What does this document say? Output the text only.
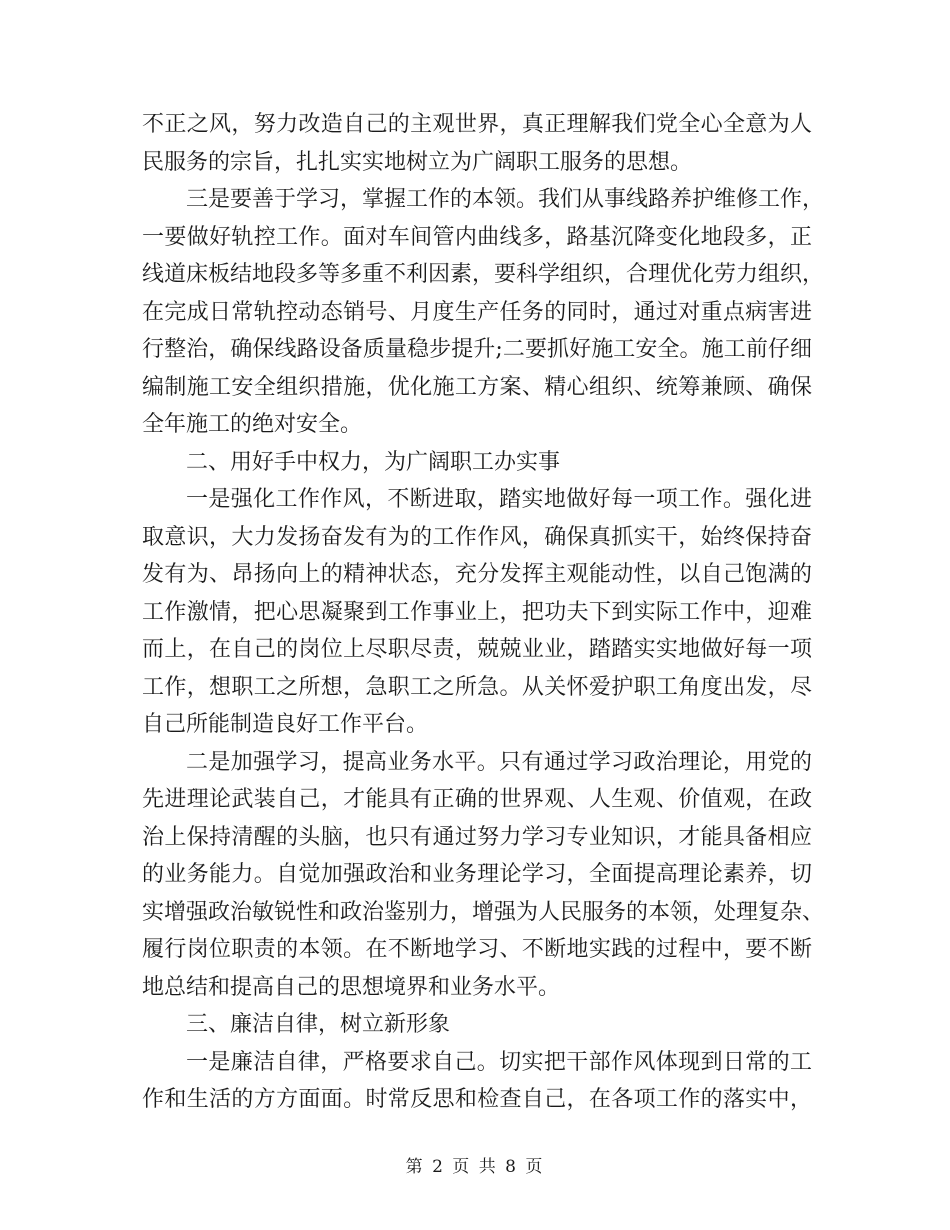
不正之风，努力改造自己的主观世界，真正理解我们党全心全意为人
民服务的宗旨，扎扎实实地树立为广阔职工服务的思想。
三是要善于学习，掌握工作的本领。我们从事线路养护维修工作，
一要做好轨控工作。面对车间管内曲线多，路基沉降变化地段多，正
线道床板结地段多等多重不利因素，要科学组织，合理优化劳力组织，
在完成日常轨控动态销号、月度生产任务的同时，通过对重点病害进
行整治，确保线路设备质量稳步提升;二要抓好施工安全。施工前仔细
编制施工安全组织措施，优化施工方案、精心组织、统筹兼顾、确保
全年施工的绝对安全。
二、用好手中权力，为广阔职工办实事
一是强化工作作风，不断进取，踏实地做好每一项工作。强化进
取意识，大力发扬奋发有为的工作作风，确保真抓实干，始终保持奋
发有为、昂扬向上的精神状态，充分发挥主观能动性，以自己饱满的
工作激情，把心思凝聚到工作事业上，把功夫下到实际工作中，迎难
而上，在自己的岗位上尽职尽责，兢兢业业，踏踏实实地做好每一项
工作，想职工之所想，急职工之所急。从关怀爱护职工角度出发，尽
自己所能制造良好工作平台。
二是加强学习，提高业务水平。只有通过学习政治理论，用党的
先进理论武装自己，才能具有正确的世界观、人生观、价值观，在政
治上保持清醒的头脑，也只有通过努力学习专业知识，才能具备相应
的业务能力。自觉加强政治和业务理论学习，全面提高理论素养，切
实增强政治敏锐性和政治鉴别力，增强为人民服务的本领，处理复杂、
履行岗位职责的本领。在不断地学习、不断地实践的过程中，要不断
地总结和提高自己的思想境界和业务水平。
三、廉洁自律，树立新形象
一是廉洁自律，严格要求自己。切实把干部作风体现到日常的工
作和生活的方方面面。时常反思和检查自己，在各项工作的落实中，
第 2 页 共 8 页
